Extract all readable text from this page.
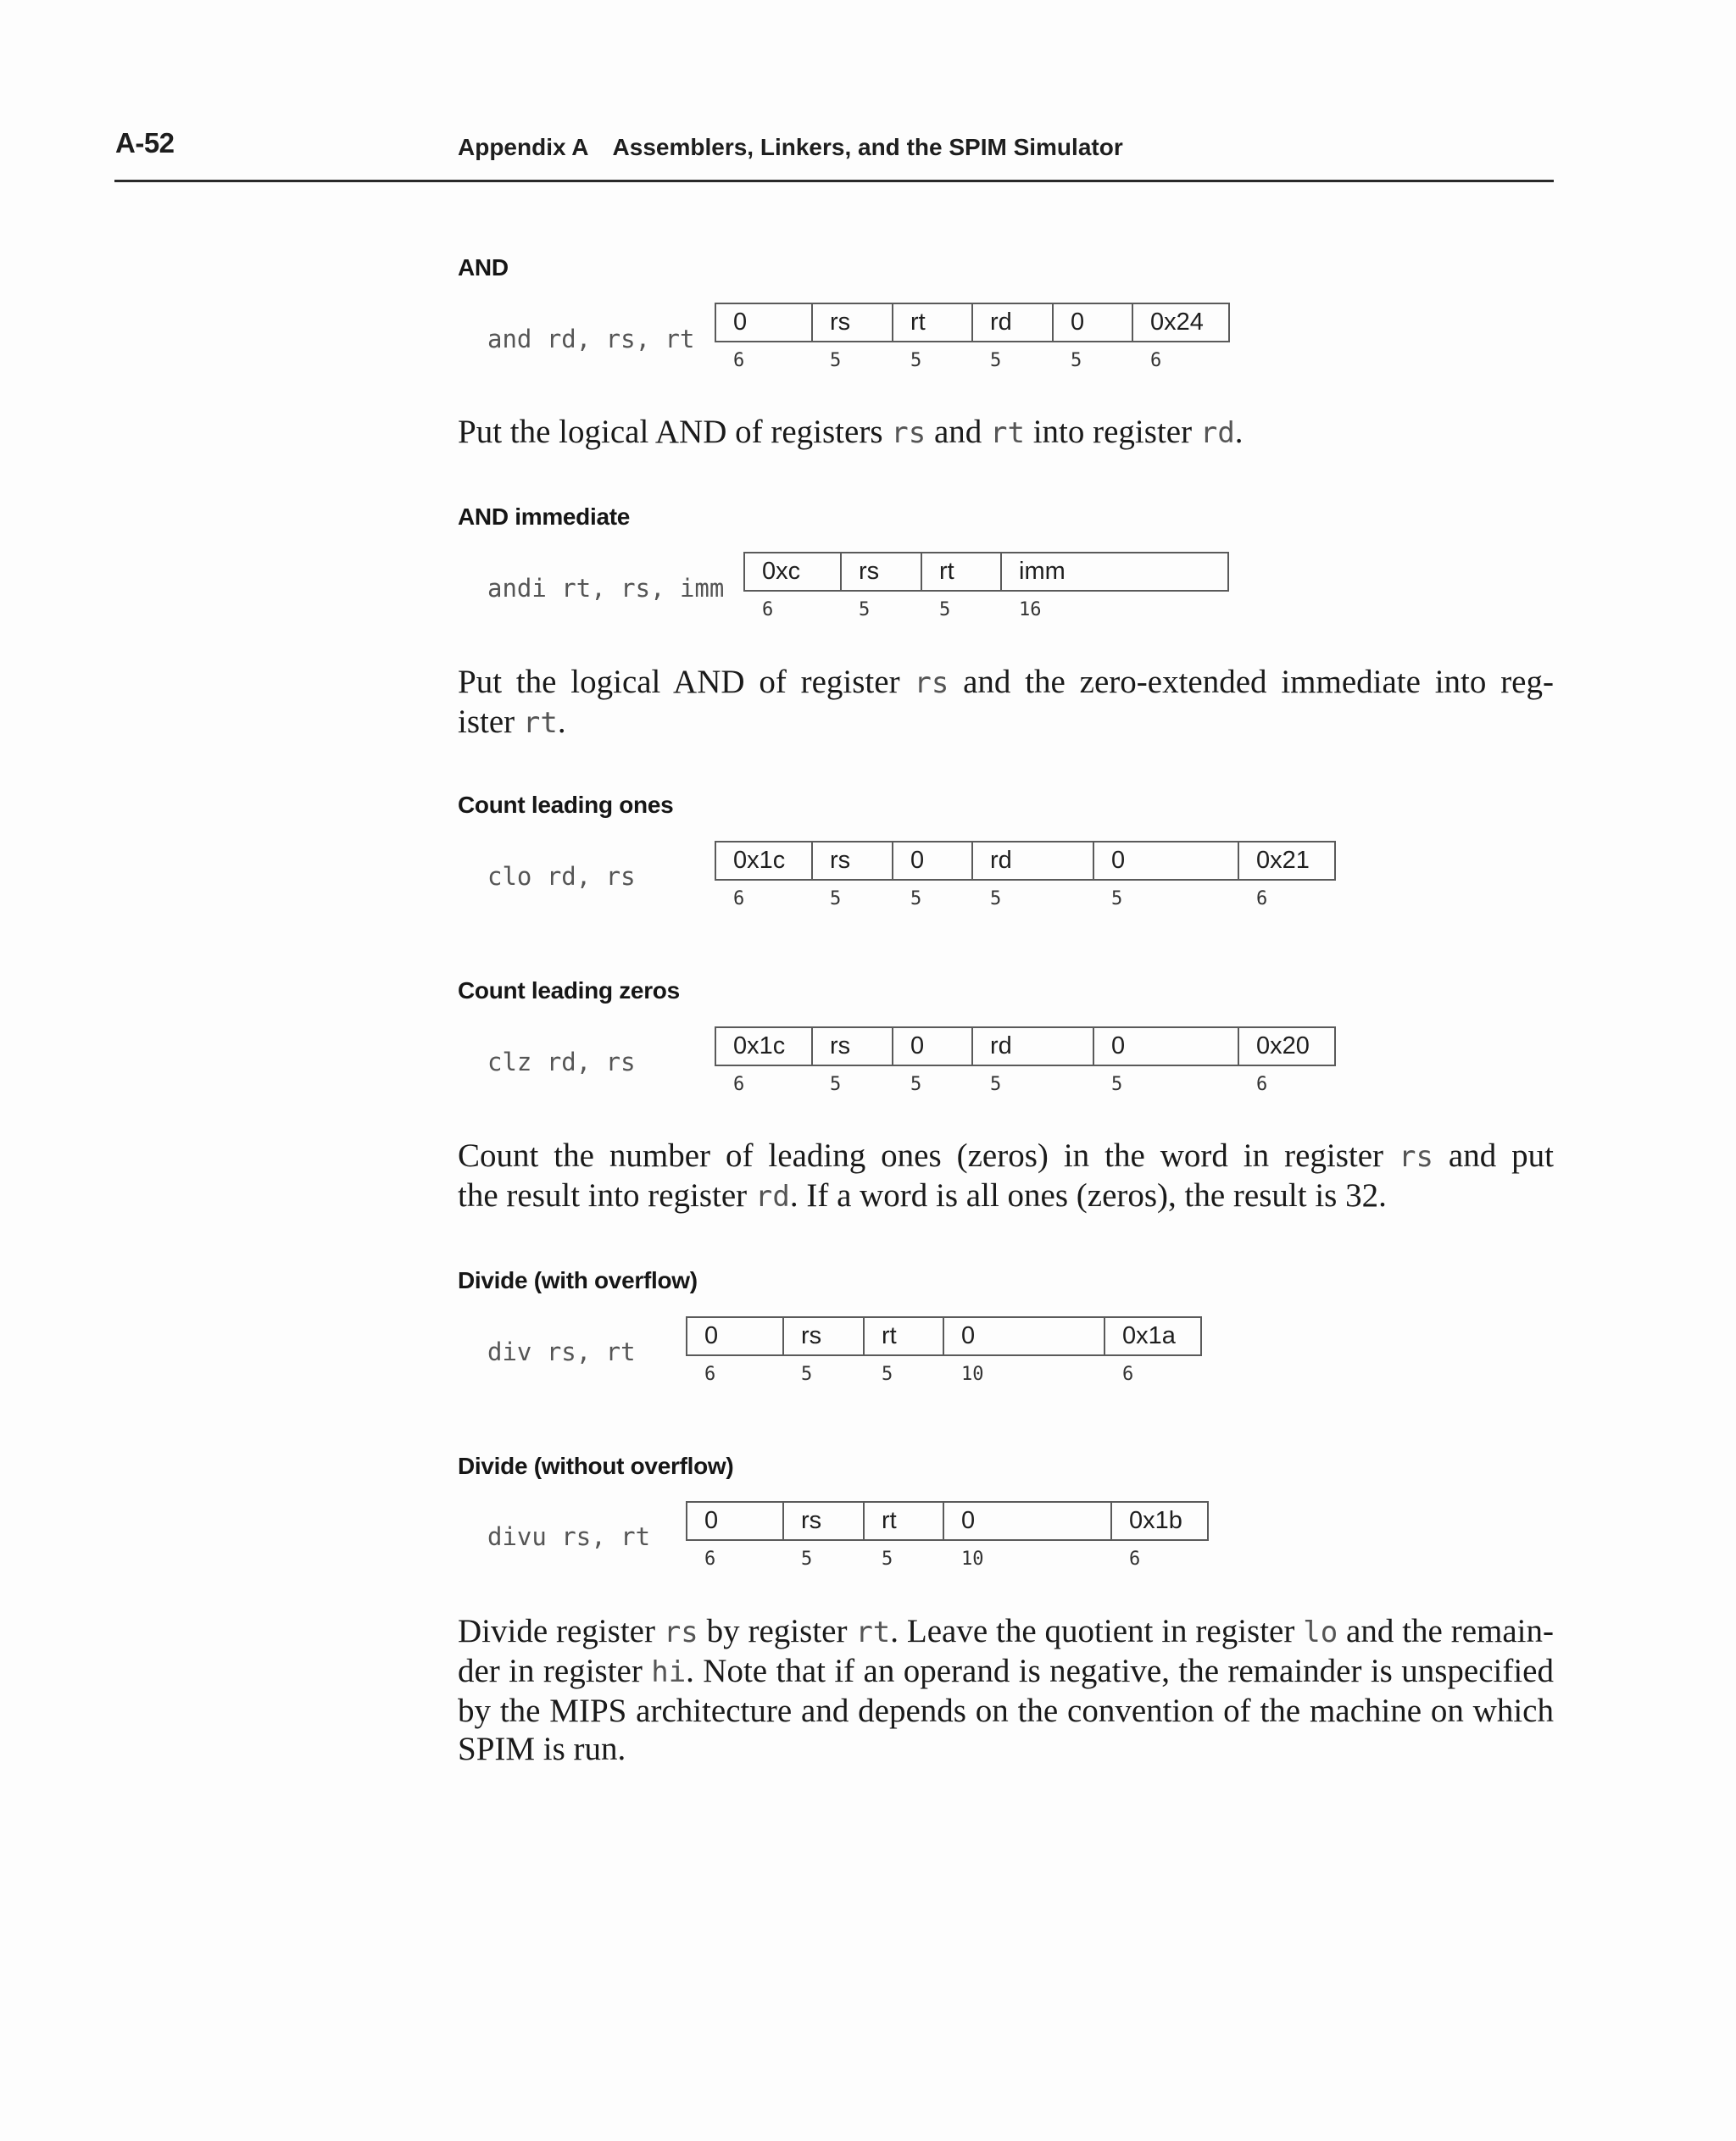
A-52	Appendix A Assemblers, Linkers, and the SPIM Simulator
AND
and rd, rs, rt
0	rs	rt	rd	0	0x24
6	5	5	5	5	6
Put the logical AND of registers rs and rt into register rd.
AND immediate
andi rt, rs, imm
0xc	rs	rt	imm
6	5	5	16
Put the logical AND of register rs and the zero-extended immediate into reg-
ister rt.
Count leading ones
clo rd, rs
0x1c	rs	0	rd	0	0x21
6	5	5	5	5	6
Count leading zeros
clz rd, rs
0x1c	rs	0	rd	0	0x20
6	5	5	5	5	6
Count the number of leading ones (zeros) in the word in register rs and put
the result into register rd. If a word is all ones (zeros), the result is 32.
Divide (with overflow)
div rs, rt
0	rs	rt	0	0x1a
6	5	5	10	6
Divide (without overflow)
divu rs, rt
0	rs	rt	0	0x1b
6	5	5	10	6
Divide register rs by register rt. Leave the quotient in register lo and the remain-
der in register hi. Note that if an operand is negative, the remainder is unspecified
by the MIPS architecture and depends on the convention of the machine on which
SPIM is run.
